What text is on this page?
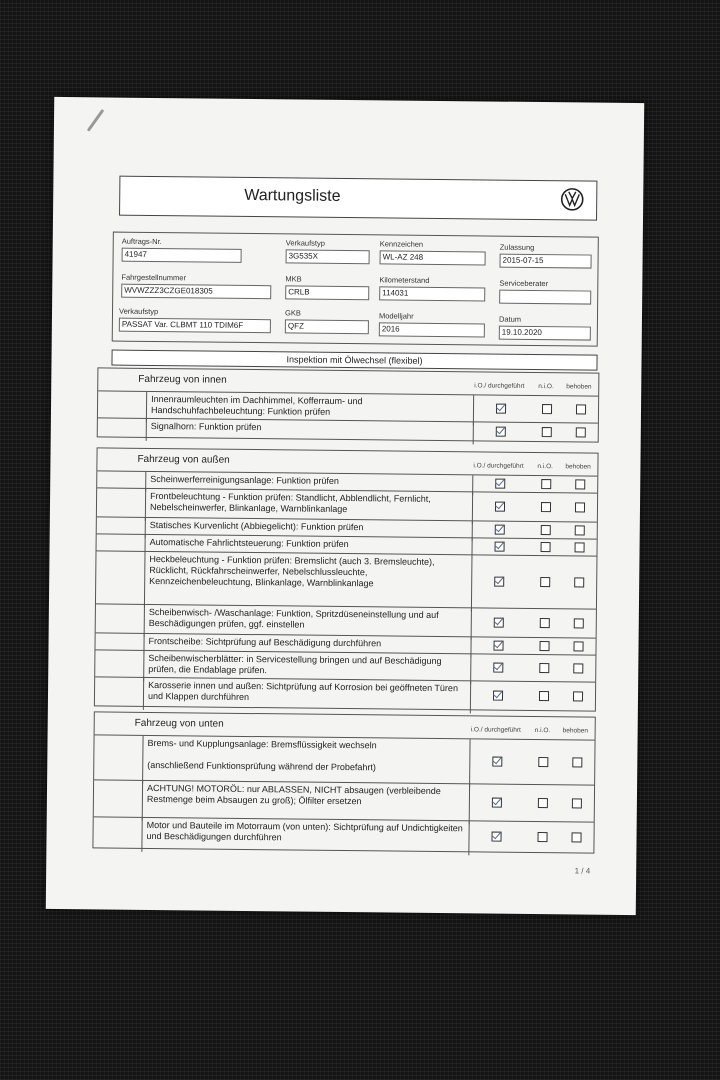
Wartungsliste
Auftrags-Nr.
41947
Verkaufstyp
3G535X
Kennzeichen
WL-AZ 248
Zulassung
2015-07-15
Fahrgestellnummer
WVWZZZ3CZGE018305
MKB
CRLB
Kilometerstand
114031
Serviceberater
Verkaufstyp
PASSAT Var. CLBMT 110 TDIM6F
GKB
QFZ
Modelljahr
2016
Datum
19.10.2020
Inspektion mit Ölwechsel (flexibel)
Fahrzeug von innen
i.O./ durchgeführt n.i.O. behoben
Innenraumleuchten im Dachhimmel, Kofferraum- und Handschuhfachbeleuchtung: Funktion prüfen
Signalhorn: Funktion prüfen
Fahrzeug von außen
i.O./ durchgeführt n.i.O. behoben
Scheinwerferreinigungsanlage: Funktion prüfen
Frontbeleuchtung - Funktion prüfen: Standlicht, Abblendlicht, Fernlicht, Nebelscheinwerfer, Blinkanlage, Warnblinkanlage
Statisches Kurvenlicht (Abbiegelicht): Funktion prüfen
Automatische Fahrlichtsteuerung: Funktion prüfen
Heckbeleuchtung - Funktion prüfen: Bremslicht (auch 3. Bremsleuchte), Rücklicht, Rückfahrscheinwerfer, Nebelschlussleuchte, Kennzeichenbeleuchtung, Blinkanlage, Warnblinkanlage
Scheibenwisch- /Waschanlage: Funktion, Spritzdüseneinstellung und auf Beschädigungen prüfen, ggf. einstellen
Frontscheibe: Sichtprüfung auf Beschädigung durchführen
Scheibenwischerblätter: in Servicestellung bringen und auf Beschädigung prüfen, die Endablage prüfen.
Karosserie innen und außen: Sichtprüfung auf Korrosion bei geöffneten Türen und Klappen durchführen
Fahrzeug von unten
i.O./ durchgeführt n.i.O. behoben
Brems- und Kupplungsanlage: Bremsflüssigkeit wechseln

(anschließend Funktionsprüfung während der Probefahrt)
ACHTUNG! MOTORÖL: nur ABLASSEN, NICHT absaugen (verbleibende Restmenge beim Absaugen zu groß); Ölfilter ersetzen
Motor und Bauteile im Motorraum (von unten): Sichtprüfung auf Undichtigkeiten und Beschädigungen durchführen
1 / 4
